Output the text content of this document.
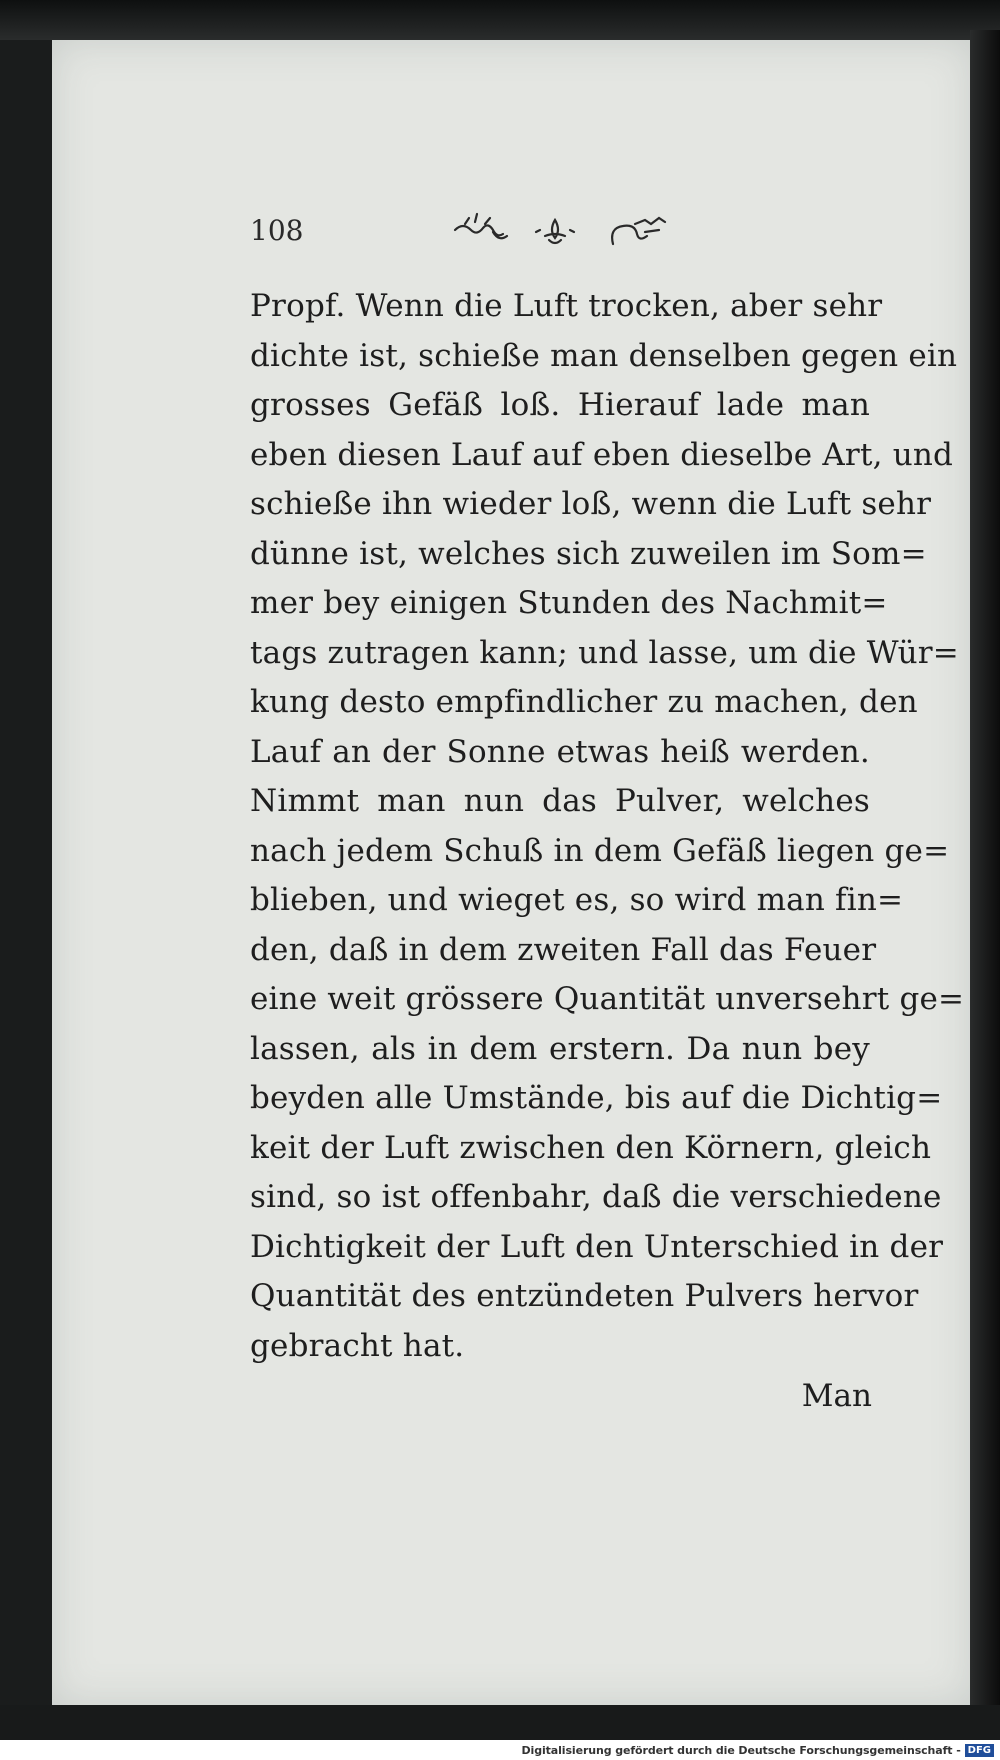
108
Propf. Wenn die Luft trocken, aber sehr
dichte ist, schieße man denselben gegen ein
grosses Gefäß loß. Hierauf lade man
eben diesen Lauf auf eben dieselbe Art, und
schieße ihn wieder loß, wenn die Luft sehr
dünne ist, welches sich zuweilen im Som=
mer bey einigen Stunden des Nachmit=
tags zutragen kann; und lasse, um die Wür=
kung desto empfindlicher zu machen, den
Lauf an der Sonne etwas heiß werden.
Nimmt man nun das Pulver, welches
nach jedem Schuß in dem Gefäß liegen ge=
blieben, und wieget es, so wird man fin=
den, daß in dem zweiten Fall das Feuer
eine weit grössere Quantität unversehrt ge=
lassen, als in dem erstern. Da nun bey
beyden alle Umstände, bis auf die Dichtig=
keit der Luft zwischen den Körnern, gleich
sind, so ist offenbahr, daß die verschiedene
Dichtigkeit der Luft den Unterschied in der
Quantität des entzündeten Pulvers hervor
gebracht hat.
Man
Digitalisierung gefördert durch die Deutsche Forschungsgemeinschaft - DFG
